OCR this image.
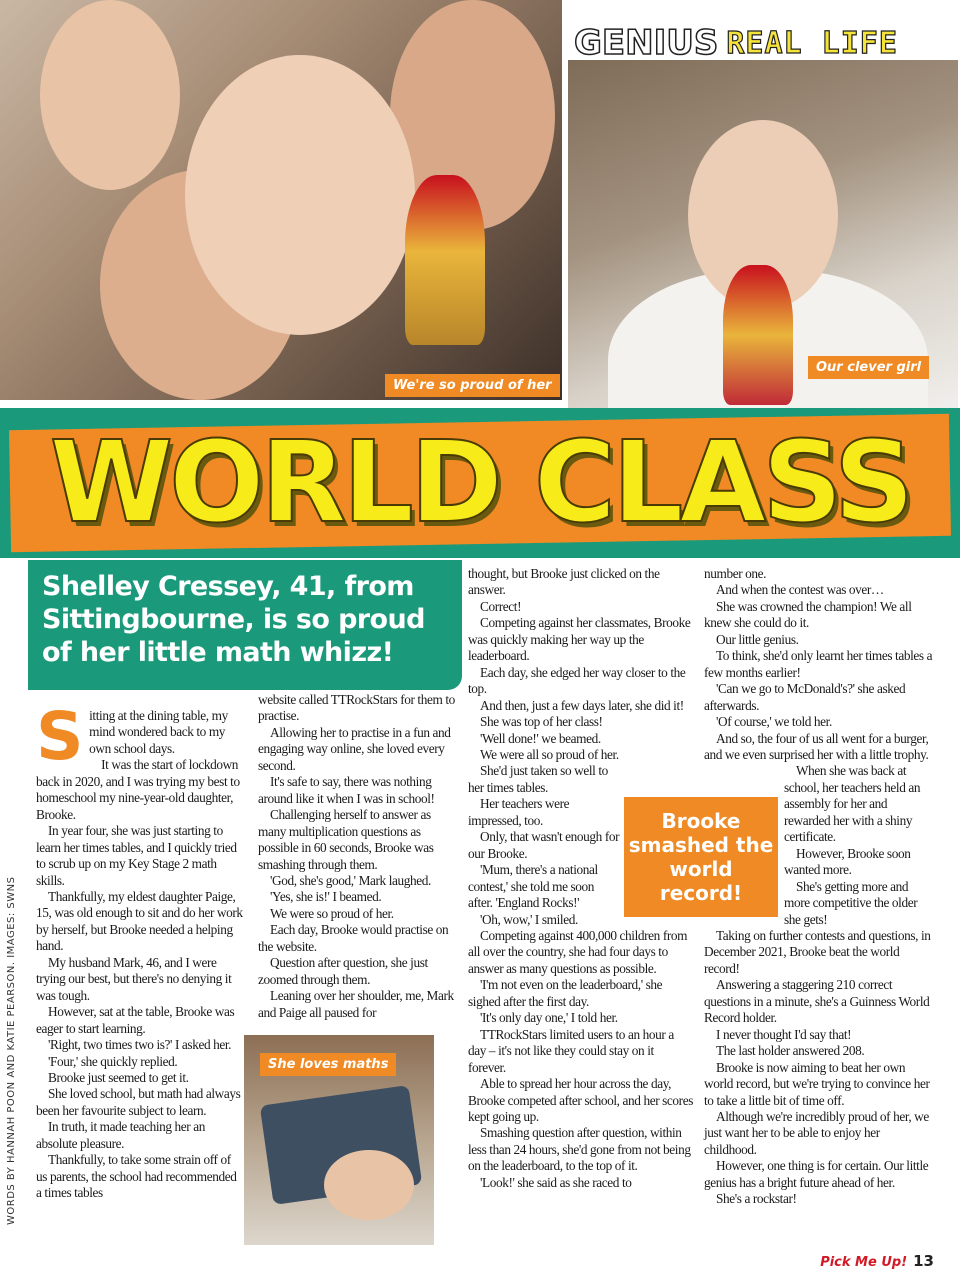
We're so proud of her
Our clever girl
GENIUS REAL LIFE
WORLD CLASS
Shelley Cressey, 41, from Sittingbourne, is so proud of her little math whizz!
S itting at the dining table, my mind wondered back to my own school days.

It was the start of lockdown back in 2020, and I was trying my best to homeschool my nine-year-old daughter, Brooke.

In year four, she was just starting to learn her times tables, and I quickly tried to scrub up on my Key Stage 2 math skills.

Thankfully, my eldest daughter Paige, 15, was old enough to sit and do her work by herself, but Brooke needed a helping hand.

My husband Mark, 46, and I were trying our best, but there's no denying it was tough.

However, sat at the table, Brooke was eager to start learning.

'Right, two times two is?' I asked her.

'Four,' she quickly replied.

Brooke just seemed to get it.

She loved school, but math had always been her favourite subject to learn.

In truth, it made teaching her an absolute pleasure.

Thankfully, to take some strain off of us parents, the school had recommended a times tables

website called TTRockStars for them to practise.

Allowing her to practise in a fun and engaging way online, she loved every second.

It's safe to say, there was nothing around like it when I was in school!

Challenging herself to answer as many multiplication questions as possible in 60 seconds, Brooke was smashing through them.

'God, she's good,' Mark laughed.

'Yes, she is!' I beamed.

We were so proud of her.

Each day, Brooke would practise on the website.

Question after question, she just zoomed through them.

Leaning over her shoulder, me, Mark and Paige all paused for

She loves maths

thought, but Brooke just clicked on the answer.

Correct!

Competing against her classmates, Brooke was quickly making her way up the leaderboard.

Each day, she edged her way closer to the top.

And then, just a few days later, she did it!

She was top of her class!

'Well done!' we beamed.

We were all so proud of her.

She'd just taken so well to her times tables.

Her teachers were impressed, too.

Only, that wasn't enough for our Brooke.

'Mum, there's a national contest,' she told me soon after. 'England Rocks!'

'Oh, wow,' I smiled.

Competing against 400,000 children from all over the country, she had four days to answer as many questions as possible.

'I'm not even on the leaderboard,' she sighed after the first day.

'It's only day one,' I told her.

TTRockStars limited users to an hour a day – it's not like they could stay on it forever.

Able to spread her hour across the day, Brooke competed after school, and her scores kept going up.

Smashing question after question, within less than 24 hours, she'd gone from not being on the leaderboard, to the top of it.

'Look!' she said as she raced to

number one.

And when the contest was over…

She was crowned the champion! We all knew she could do it.

Our little genius.

To think, she'd only learnt her times tables a few months earlier!

'Can we go to McDonald's?' she asked afterwards.

'Of course,' we told her.

And so, the four of us all went for a burger, and we even surprised her with a little trophy.

When she was back at school, her teachers held an assembly for her and rewarded her with a shiny certificate.

However, Brooke soon wanted more.

She's getting more and more competitive the older she gets!

Taking on further contests and questions, in December 2021, Brooke beat the world record!

Answering a staggering 210 correct questions in a minute, she's a Guinness World Record holder.

I never thought I'd say that!

The last holder answered 208.

Brooke is now aiming to beat her own world record, but we're trying to convince her to take a little bit of time off.

Although we're incredibly proud of her, we just want her to be able to enjoy her childhood.

However, one thing is for certain. Our little genius has a bright future ahead of her.

She's a rockstar!

Brooke smashed the world record!
WORDS BY HANNAH POON AND KATIE PEARSON. IMAGES: SWNS
Pick Me Up! 13
